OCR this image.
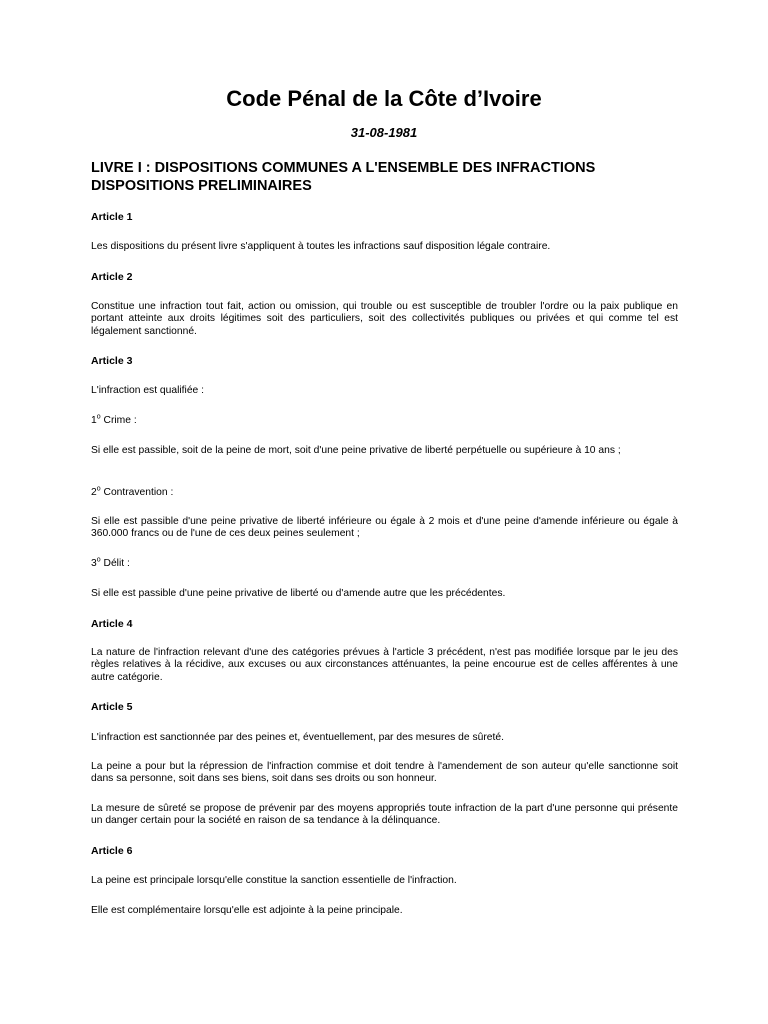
Code Pénal de la Côte d’Ivoire
31-08-1981
LIVRE I : DISPOSITIONS COMMUNES A L'ENSEMBLE DES INFRACTIONS
DISPOSITIONS PRELIMINAIRES
Article 1

Les dispositions du présent livre s'appliquent à toutes les infractions sauf disposition légale contraire.

Article 2

Constitue une infraction tout fait, action ou omission, qui trouble ou est susceptible de troubler l'ordre ou la paix publique en portant atteinte aux droits légitimes soit des particuliers, soit des collectivités publiques ou privées et qui comme tel est légalement sanctionné.

Article 3

L'infraction est qualifiée :

1$^o$ Crime :

Si elle est passible, soit de la peine de mort, soit d'une peine privative de liberté perpétuelle ou supérieure à 10 ans ;

2$^o$ Contravention :

Si elle est passible d'une peine privative de liberté inférieure ou égale à 2 mois et d'une peine d'amende inférieure ou égale à 360.000 francs ou de l'une de ces deux peines seulement ;

3$^o$ Délit :

Si elle est passible d'une peine privative de liberté ou d'amende autre que les précédentes.

Article 4

La nature de l'infraction relevant d'une des catégories prévues à l'article 3 précédent, n'est pas modifiée lorsque par le jeu des règles relatives à la récidive, aux excuses ou aux circonstances atténuantes, la peine encourue est de celles afférentes à une autre catégorie.

Article 5

L'infraction est sanctionnée par des peines et, éventuellement, par des mesures de sûreté.

La peine a pour but la répression de l'infraction commise et doit tendre à l'amendement de son auteur qu'elle sanctionne soit dans sa personne, soit dans ses biens, soit dans ses droits ou son honneur.

La mesure de sûreté se propose de prévenir par des moyens appropriés toute infraction de la part d'une personne qui présente un danger certain pour la société en raison de sa tendance à la délinquance.

Article 6

La peine est principale lorsqu'elle constitue la sanction essentielle de l'infraction.

Elle est complémentaire lorsqu'elle est adjointe à la peine principale.
